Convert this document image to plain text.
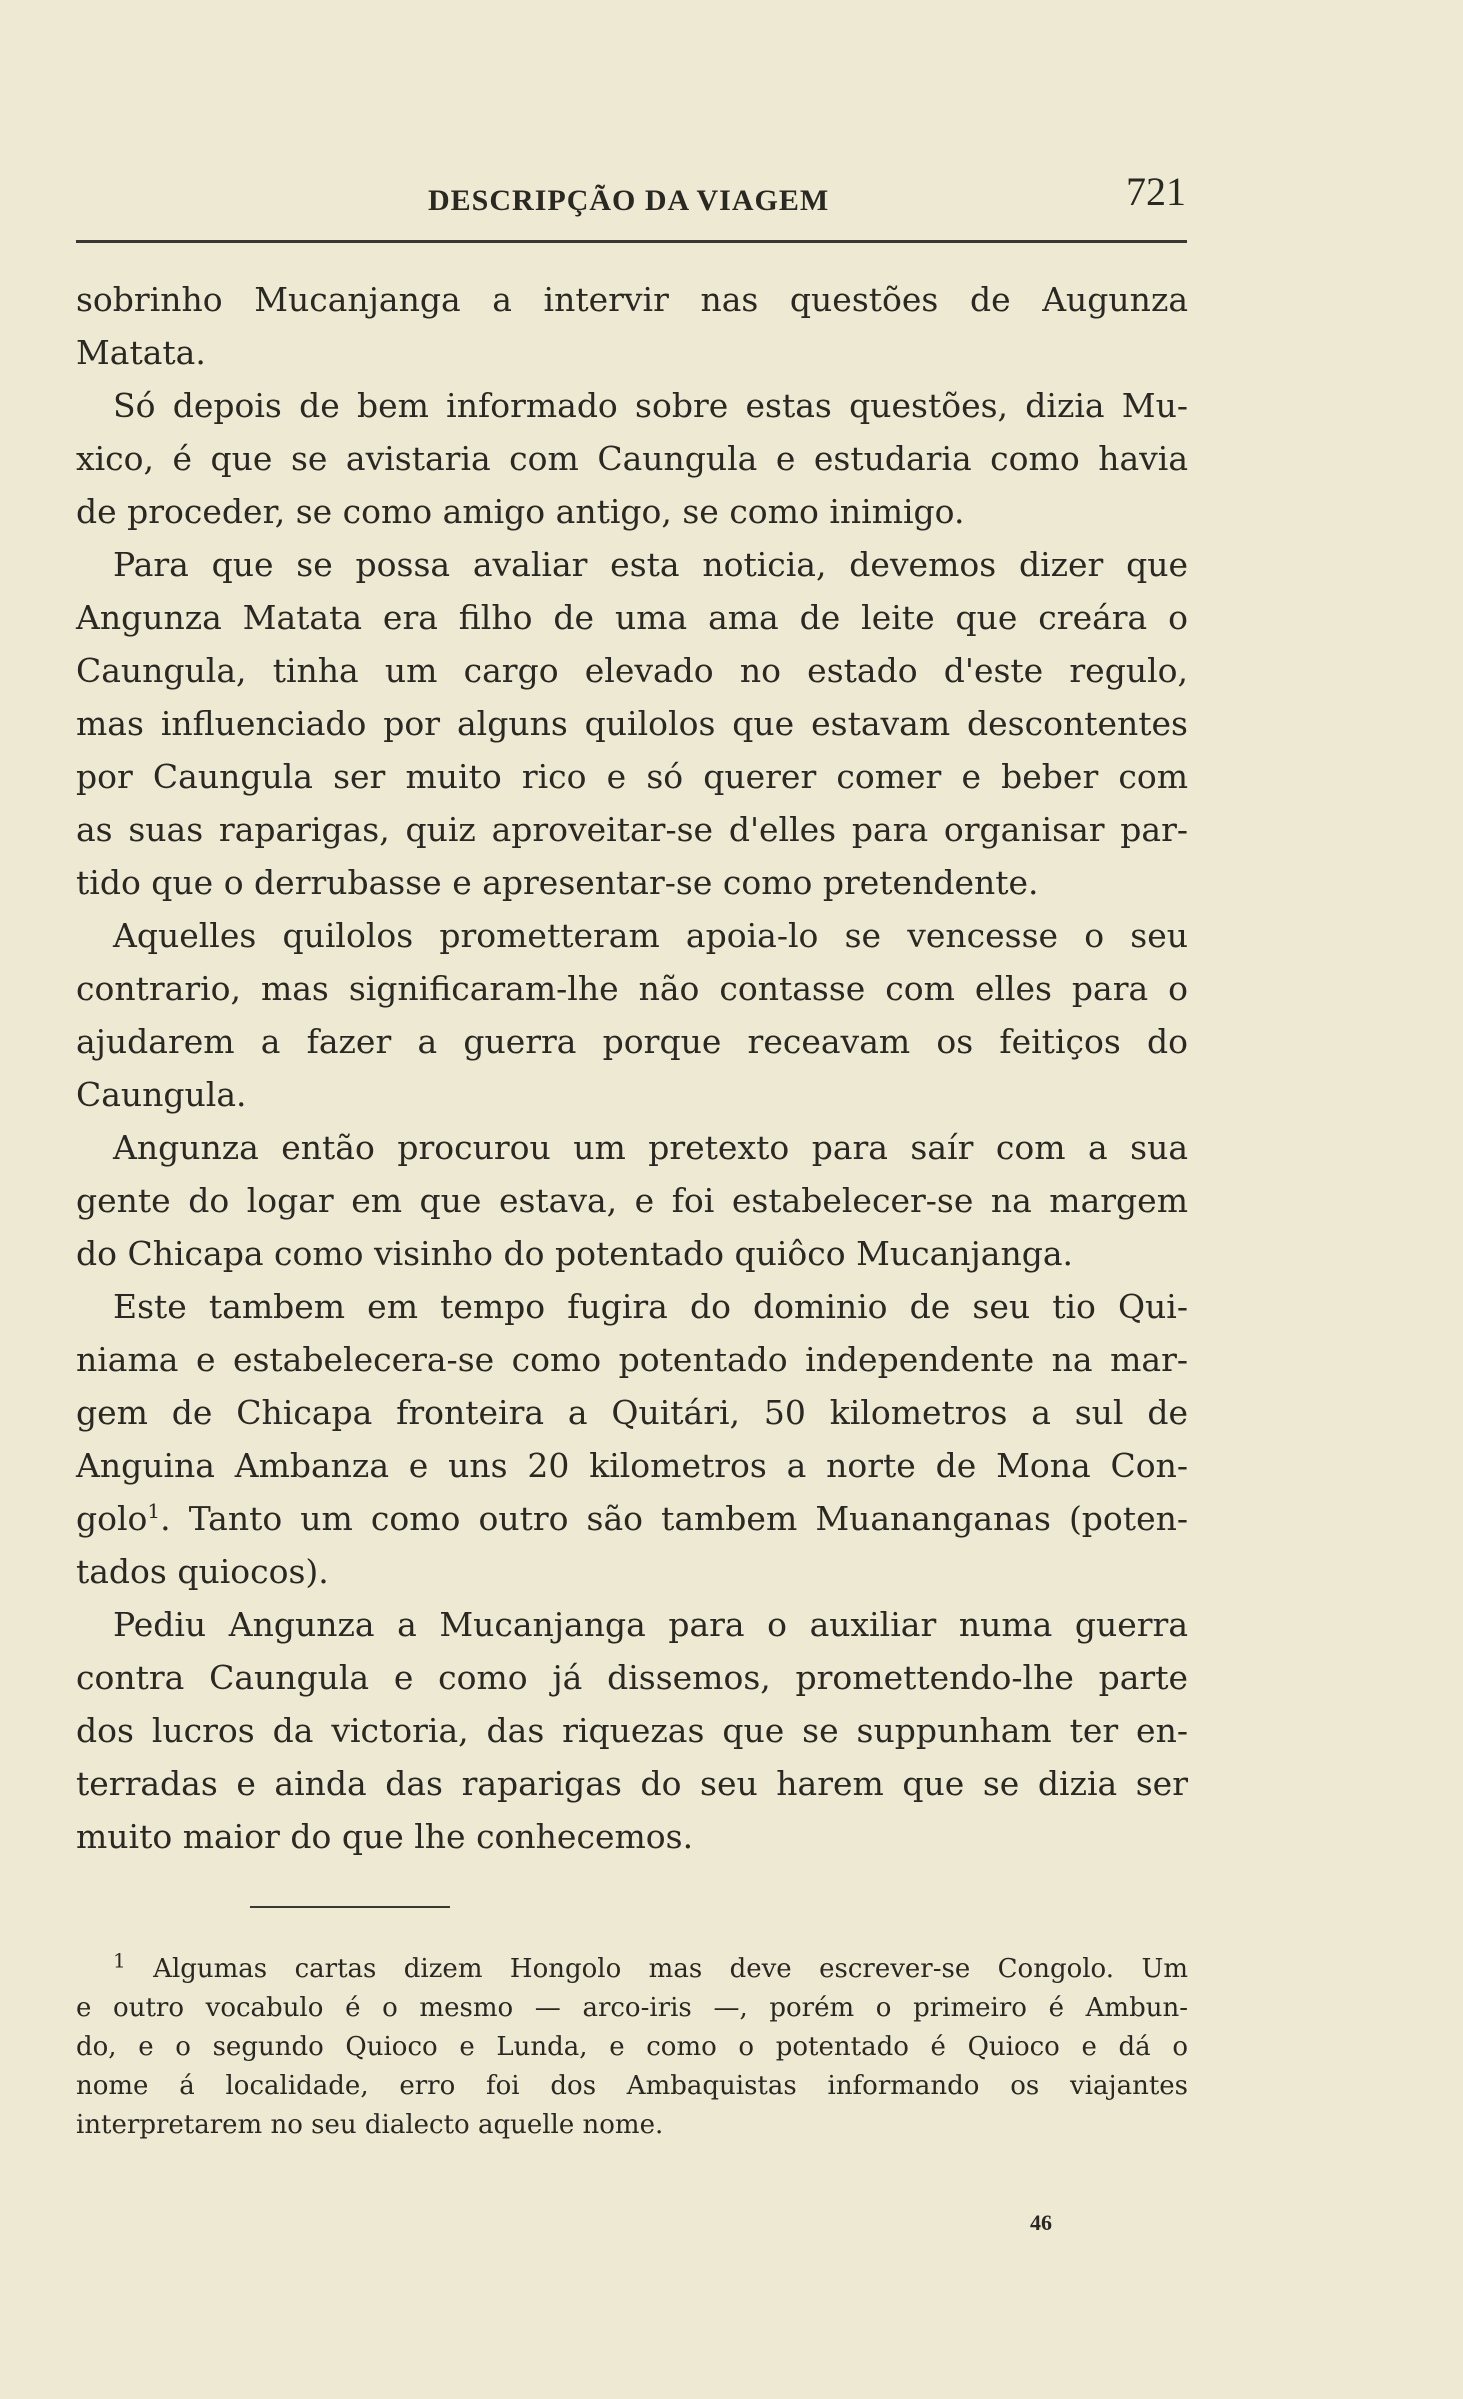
DESCRIPÇÃO DA VIAGEM	721
sobrinho Mucanjanga a intervir nas questões de Augunza
Matata.
Só depois de bem informado sobre estas questões, dizia Mu-
xico, é que se avistaria com Caungula e estudaria como havia
de proceder, se como amigo antigo, se como inimigo.
Para que se possa avaliar esta noticia, devemos dizer que
Angunza Matata era filho de uma ama de leite que creára o
Caungula, tinha um cargo elevado no estado d'este regulo,
mas influenciado por alguns quilolos que estavam descontentes
por Caungula ser muito rico e só querer comer e beber com
as suas raparigas, quiz aproveitar-se d'elles para organisar par-
tido que o derrubasse e apresentar-se como pretendente.
Aquelles quilolos prometteram apoia-lo se vencesse o seu
contrario, mas significaram-lhe não contasse com elles para o
ajudarem a fazer a guerra porque receavam os feitiços do
Caungula.
Angunza então procurou um pretexto para saír com a sua
gente do logar em que estava, e foi estabelecer-se na margem
do Chicapa como visinho do potentado quiôco Mucanjanga.
Este tambem em tempo fugira do dominio de seu tio Qui-
niama e estabelecera-se como potentado independente na mar-
gem de Chicapa fronteira a Quitári, 50 kilometros a sul de
Anguina Ambanza e uns 20 kilometros a norte de Mona Con-
golo$^1$. Tanto um como outro são tambem Muananganas (poten-
tados quiocos).
Pediu Angunza a Mucanjanga para o auxiliar numa guerra
contra Caungula e como já dissemos, promettendo-lhe parte
dos lucros da victoria, das riquezas que se suppunham ter en-
terradas e ainda das raparigas do seu harem que se dizia ser
muito maior do que lhe conhecemos.
$^1$ Algumas cartas dizem Hongolo mas deve escrever-se Congolo. Um
e outro vocabulo é o mesmo — arco-iris —, porém o primeiro é Ambun-
do, e o segundo Quioco e Lunda, e como o potentado é Quioco e dá o
nome á localidade, erro foi dos Ambaquistas informando os viajantes
interpretarem no seu dialecto aquelle nome.
46
